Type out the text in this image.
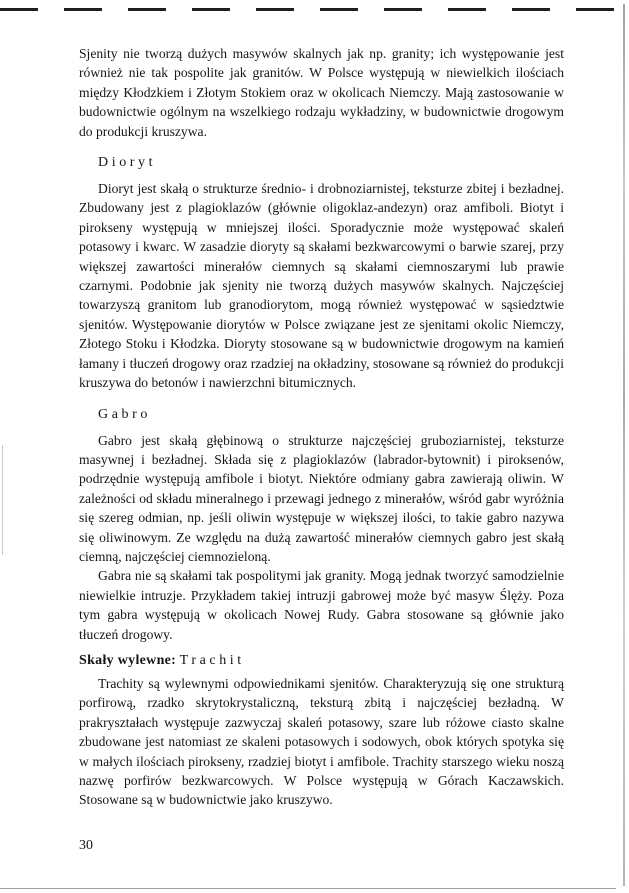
Sjenity nie tworzą dużych masywów skalnych jak np. granity; ich występowanie jest również nie tak pospolite jak granitów. W Polsce występują w niewielkich ilościach między Kłodzkiem i Złotym Stokiem oraz w okolicach Niemczy. Mają zastosowanie w budownictwie ogólnym na wszelkiego rodzaju wykładziny, w budownictwie drogowym do produkcji kruszywa.

Dioryt

Dioryt jest skałą o strukturze średnio- i drobnoziarnistej, teksturze zbitej i bezładnej. Zbudowany jest z plagioklazów (głównie oligoklaz-andezyn) oraz amfiboli. Biotyt i pirokseny występują w mniejszej ilości. Sporadycznie może występować skaleń potasowy i kwarc. W zasadzie dioryty są skałami bezkwarcowymi o barwie szarej, przy większej zawartości minerałów ciemnych są skałami ciemnoszarymi lub prawie czarnymi. Podobnie jak sjenity nie tworzą dużych masywów skalnych. Najczęściej towarzyszą granitom lub granodiorytom, mogą również występować w sąsiedztwie sjenitów. Występowanie diorytów w Polsce związane jest ze sjenitami okolic Niemczy, Złotego Stoku i Kłodzka. Dioryty stosowane są w budownictwie drogowym na kamień łamany i tłuczeń drogowy oraz rzadziej na okładziny, stosowane są również do produkcji kruszywa do betonów i nawierzchni bitumicznych.

Gabro

Gabro jest skałą głębinową o strukturze najczęściej gruboziarnistej, teksturze masywnej i bezładnej. Składa się z plagioklazów (labrador-bytownit) i piroksenów, podrzędnie występują amfibole i biotyt. Niektóre odmiany gabra zawierają oliwin. W zależności od składu mineralnego i przewagi jednego z minerałów, wśród gabr wyróżnia się szereg odmian, np. jeśli oliwin występuje w większej ilości, to takie gabro nazywa się oliwinowym. Ze względu na dużą zawartość minerałów ciemnych gabro jest skałą ciemną, najczęściej ciemnozieloną.

Gabra nie są skałami tak pospolitymi jak granity. Mogą jednak tworzyć samodzielnie niewielkie intruzje. Przykładem takiej intruzji gabrowej może być masyw Ślęży. Poza tym gabra występują w okolicach Nowej Rudy. Gabra stosowane są głównie jako tłuczeń drogowy.

Skały wylewne: Trachit

Trachity są wylewnymi odpowiednikami sjenitów. Charakteryzują się one strukturą porfirową, rzadko skrytokrystaliczną, teksturą zbitą i najczęściej bezładną. W prakryształach występuje zazwyczaj skaleń potasowy, szare lub różowe ciasto skalne zbudowane jest natomiast ze skaleni potasowych i sodowych, obok których spotyka się w małych ilościach pirokseny, rzadziej biotyt i amfibole. Trachity starszego wieku noszą nazwę porfirów bezkwarcowych. W Polsce występują w Górach Kaczawskich. Stosowane są w budownictwie jako kruszywo.

30
